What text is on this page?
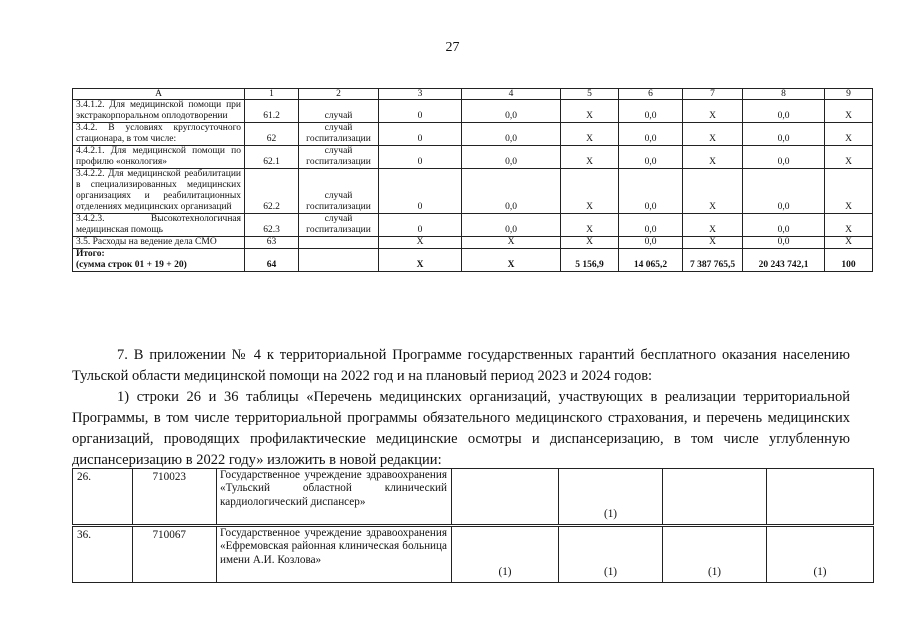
27
А	1	2	3	4	5	6	7	8	9
3.4.1.2. Для медицинской помощи при экстракорпоральном оплодотворении	61.2	случай	0	0,0	X	0,0	X	0,0	X
3.4.2. В условиях круглосуточного стационара, в том числе:	62	случай госпитализации	0	0,0	X	0,0	X	0,0	X
4.4.2.1. Для медицинской помощи по профилю «онкология»	62.1	случай госпитализации	0	0,0	X	0,0	X	0,0	X
3.4.2.2. Для медицинской реабилитации в специализированных медицинских организациях и реабилитационных отделениях медицинских организаций	62.2	случай госпитализации	0	0,0	X	0,0	X	0,0	X
3.4.2.3. Высокотехнологичная медицинская помощь	62.3	случай госпитализации	0	0,0	X	0,0	X	0,0	X
3.5. Расходы на ведение дела СМО	63		X	X	X	0,0	X	0,0	X

Итого:
(сумма строк 01 + 19 + 20)	64		X	X	5 156,9	14 065,2	7 387 765,5	20 243 742,1	100
7. В приложении № 4 к территориальной Программе государственных гарантий бесплатного оказания населению Тульской области медицинской помощи на 2022 год и на плановый период 2023 и 2024 годов:
1) строки 26 и 36 таблицы «Перечень медицинских организаций, участвующих в реализации территориальной Программы, в том числе территориальной программы обязательного медицинского страхования, и перечень медицинских организаций, проводящих профилактические медицинские осмотры и диспансеризацию, в том числе углубленную диспансеризацию в 2022 году» изложить в новой редакции:
26.	710023	Государственное учреждение здравоохранения «Тульский областной клинический кардиологический диспансер»		(1)		
36.	710067	Государственное учреждение здравоохранения «Ефремовская районная клиническая больница имени А.И. Козлова»	(1)	(1)	(1)	(1)
